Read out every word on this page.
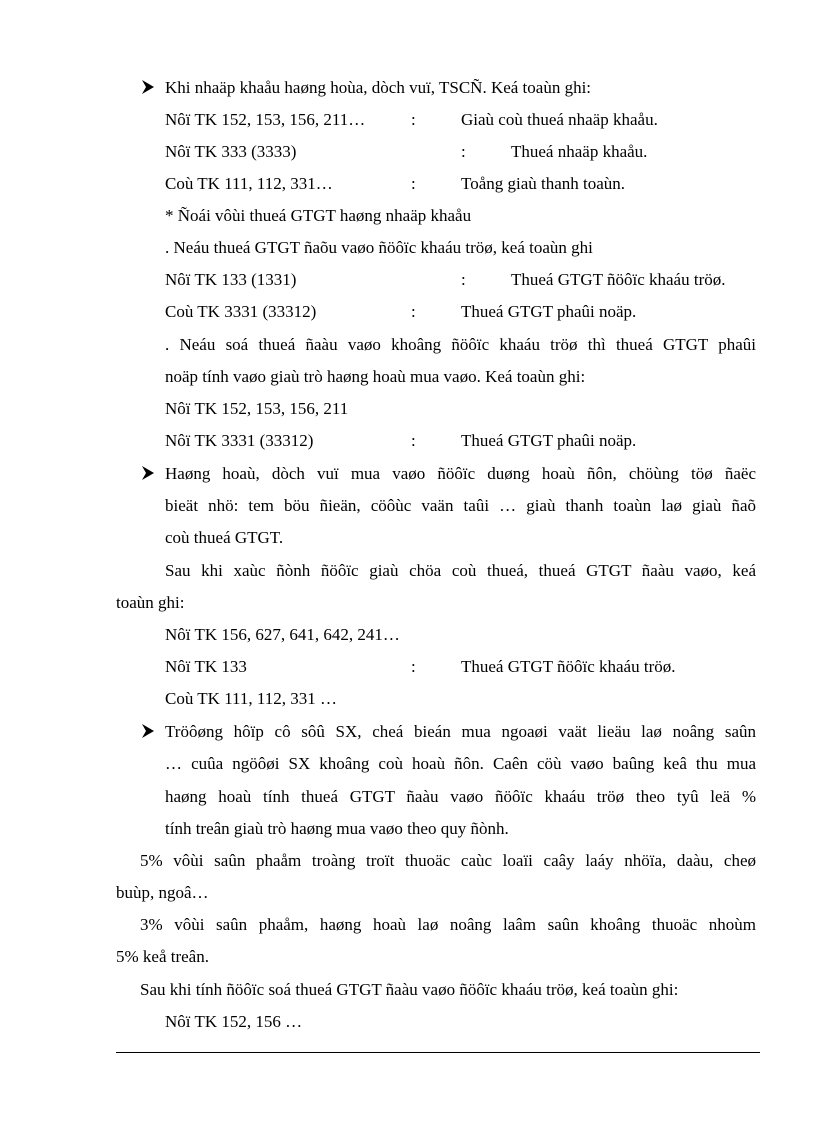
Khi nhaäp khaåu haøng hoùa, dòch vuï, TSCÑ. Keá toaùn ghi:
Nôï TK 152, 153, 156, 211…	:	Giaù coù thueá nhaäp khaåu.
Nôï TK 333 (3333)	:	Thueá nhaäp khaåu.
Coù TK 111, 112, 331…	:	Toång giaù thanh toaùn.
* Ñoái vôùi thueá GTGT haøng nhaäp khaåu
. Neáu thueá GTGT ñaõu vaøo ñöôïc khaáu tröø, keá toaùn ghi
Nôï TK 133 (1331)	:	Thueá GTGT ñöôïc khaáu tröø.
Coù TK 3331 (33312)	:	Thueá GTGT phaûi noäp.
. Neáu soá thueá ñaàu vaøo khoâng ñöôïc khaáu tröø thì thueá GTGT phaûi
noäp tính vaøo giaù trò haøng hoaù mua vaøo. Keá toaùn ghi:
Nôï TK 152, 153, 156, 211
Nôï TK 3331 (33312)	:	Thueá GTGT phaûi noäp.
Haøng hoaù, dòch vuï mua vaøo ñöôïc duøng hoaù ñôn, chöùng töø ñaëc
bieät nhö: tem böu ñieän, cöôùc vaän taûi … giaù thanh toaùn laø giaù ñaõ
coù thueá GTGT.
Sau khi xaùc ñònh ñöôïc giaù chöa coù thueá, thueá GTGT ñaàu vaøo, keá
toaùn ghi:
Nôï TK 156, 627, 641, 642, 241…
Nôï TK 133	:	Thueá GTGT ñöôïc khaáu tröø.
Coù TK 111, 112, 331 …
Tröôøng hôïp cô sôû SX, cheá bieán mua ngoaøi vaät lieäu laø noâng saûn
… cuûa ngöôøi SX khoâng coù hoaù ñôn. Caên cöù vaøo baûng keâ thu mua
haøng hoaù tính thueá GTGT ñaàu vaøo ñöôïc khaáu tröø theo tyû leä %
tính treân giaù trò haøng mua vaøo theo quy ñònh.
5% vôùi saûn phaåm troàng troït thuoäc caùc loaïi caây laáy nhöïa, daàu, cheø
buùp, ngoâ…
3% vôùi saûn phaåm, haøng hoaù laø noâng laâm saûn khoâng thuoäc nhoùm
5% keå treân.
Sau khi tính ñöôïc soá thueá GTGT ñaàu vaøo ñöôïc khaáu tröø, keá toaùn ghi:
Nôï TK 152, 156 …
